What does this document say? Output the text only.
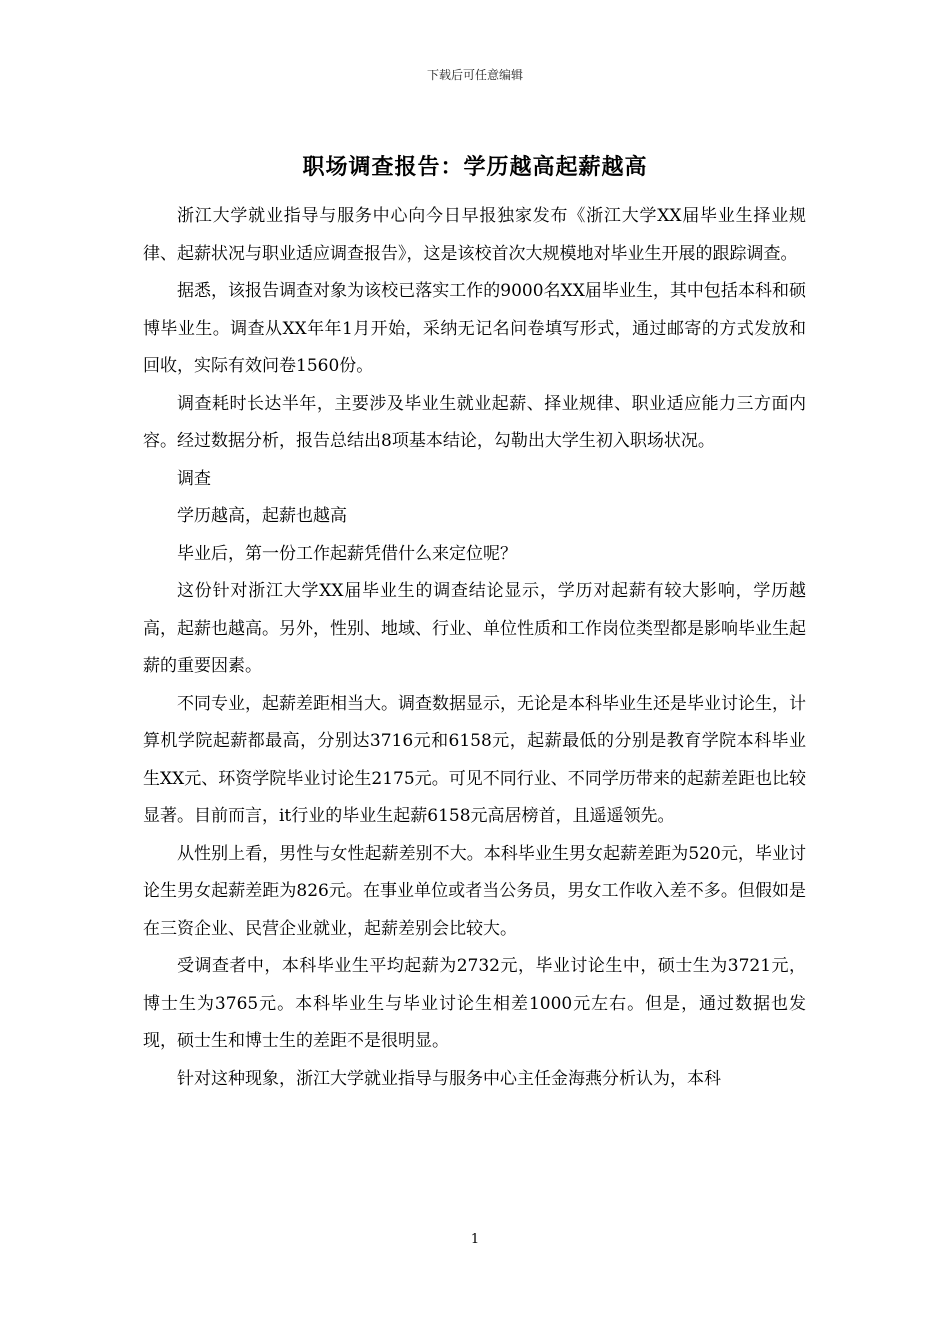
下载后可任意编辑
职场调查报告：学历越高起薪越高

浙江大学就业指导与服务中心向今日早报独家发布《浙江大学XX届毕业生择业规律、起薪状况与职业适应调查报告》，这是该校首次大规模地对毕业生开展的跟踪调查。

据悉，该报告调查对象为该校已落实工作的9000名XX届毕业生，其中包括本科和硕博毕业生。调查从XX年年1月开始，采纳无记名问卷填写形式，通过邮寄的方式发放和回收，实际有效问卷1560份。

调查耗时长达半年，主要涉及毕业生就业起薪、择业规律、职业适应能力三方面内容。经过数据分析，报告总结出8项基本结论，勾勒出大学生初入职场状况。

调查

学历越高，起薪也越高

毕业后，第一份工作起薪凭借什么来定位呢？

这份针对浙江大学XX届毕业生的调查结论显示，学历对起薪有较大影响，学历越高，起薪也越高。另外，性别、地域、行业、单位性质和工作岗位类型都是影响毕业生起薪的重要因素。

不同专业，起薪差距相当大。调查数据显示，无论是本科毕业生还是毕业讨论生，计算机学院起薪都最高，分别达3716元和6158元，起薪最低的分别是教育学院本科毕业生XX元、环资学院毕业讨论生2175元。可见不同行业、不同学历带来的起薪差距也比较显著。目前而言，it行业的毕业生起薪6158元高居榜首，且遥遥领先。

从性别上看，男性与女性起薪差别不大。本科毕业生男女起薪差距为520元，毕业讨论生男女起薪差距为826元。在事业单位或者当公务员，男女工作收入差不多。但假如是在三资企业、民营企业就业，起薪差别会比较大。

受调查者中，本科毕业生平均起薪为2732元，毕业讨论生中，硕士生为3721元，博士生为3765元。本科毕业生与毕业讨论生相差1000元左右。但是，通过数据也发现，硕士生和博士生的差距不是很明显。

针对这种现象，浙江大学就业指导与服务中心主任金海燕分析认为，本科

1
